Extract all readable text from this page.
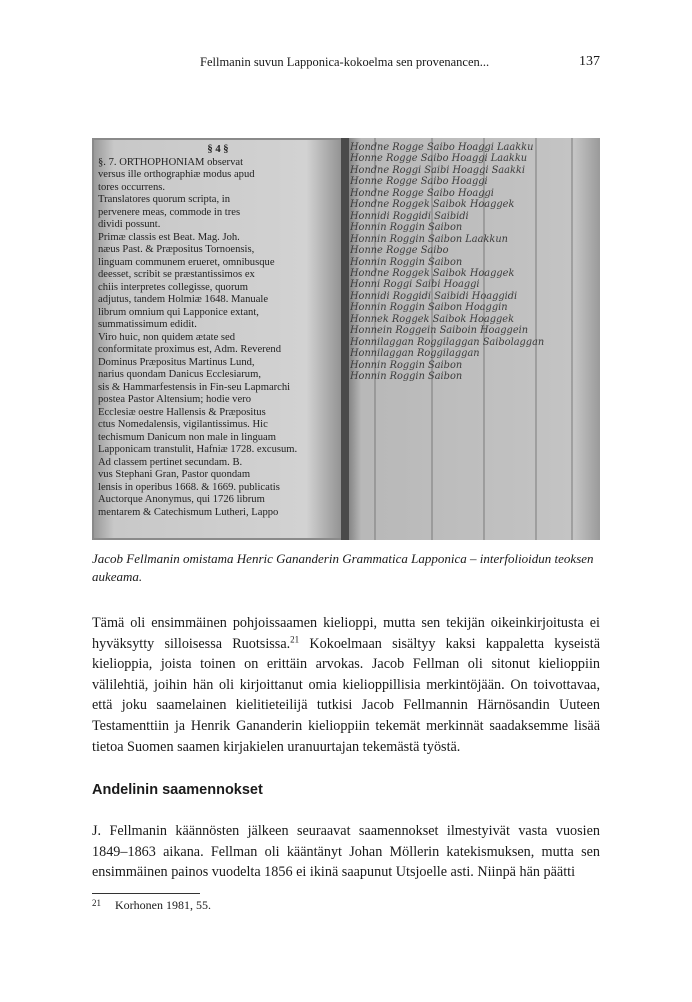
Fellmanin suvun Lapponica-kokoelma sen provenancen...	137
§ 4 §
§. 7. ORTHOPHONIAM observat
versus ille orthographiæ modus apud
tores occurrens.
Translatores quorum scripta, in
pervenere meas, commode in tres
dividi possunt.
Primæ classis est Beat. Mag. Joh.
næus Past. & Præpositus Tornoensis,
linguam communem erueret, omnibusque
deesset, scribit se præstantissimos ex
chiis interpretes collegisse, quorum
adjutus, tandem Holmiæ 1648. Manuale
librum omnium qui Lapponice extant,
summatissimum edidit.
Viro huic, non quidem ætate sed
conformitate proximus est, Adm. Reverend
Dominus Præpositus Martinus Lund,
narius quondam Danicus Ecclesiarum,
sis & Hammarfestensis in Fin-seu Lapmarchi
postea Pastor Altensium; hodie vero
Ecclesiæ oestre Hallensis & Præpositus
ctus Nomedalensis, vigilantissimus. Hic
techismum Danicum non male in linguam
Lapponicam transtulit, Hafniæ 1728. excusum.
Ad classem pertinet secundam. B.
vus Stephani Gran, Pastor quondam
lensis in operibus 1668. & 1669. publicatis
Auctorque Anonymus, qui 1726 librum
mentarem & Catechismum Lutheri, Lappo
Hondne Rogge Saibo Hoaggi Laakku
Honne Rogge Saibo Hoaggi Laakku
Hondne Roggi Saibi Hoaggi Saakki
Honne Rogge Saibo Hoaggi
Hondne Rogge Saibo Hoaggi
Hondne Roggek Saibok Hoaggek
Honnidi Roggidi Saibidi
Honnin Roggin Saibon
Honnin Roggin Saibon Laakkun
Honne Rogge Saibo
Honnin Roggin Saibon
Hondne Roggek Saibok Hoaggek
Honni Roggi Saibi Hoaggi
Honnidi Roggidi Saibidi Hoaggidi
Honnin Roggin Saibon Hoaggin
Honnek Roggek Saibok Hoaggek
Honnein Roggein Saiboin Hoaggein
Honnilaggan Roggilaggan Saibolaggan
Honnilaggan Roggilaggan
Honnin Roggin Saibon
Honnin Roggin Saibon
Jacob Fellmanin omistama Henric Gananderin Grammatica Lapponica – interfolioidun teoksen aukeama.
Tämä oli ensimmäinen pohjoissaamen kielioppi, mutta sen tekijän oikeinkirjoitusta ei hyväksytty silloisessa Ruotsissa.$^{21}$ Kokoelmaan sisältyy kaksi kappaletta kyseistä kielioppia, joista toinen on erittäin arvokas. Jacob Fellman oli sitonut kielioppiin välilehtiä, joihin hän oli kirjoittanut omia kielioppillisia merkintöjään. On toivottavaa, että joku saamelainen kielitieteilijä tutkisi Jacob Fellmannin Härnösandin Uuteen Testamenttiin ja Henrik Gananderin kielioppiin tekemät merkinnät saadaksemme lisää tietoa Suomen saamen kirjakielen uranuurtajan tekemästä työstä.
Andelinin saamennokset
J. Fellmanin käännösten jälkeen seuraavat saamennokset ilmestyivät vasta vuosien 1849–1863 aikana. Fellman oli kääntänyt Johan Möllerin katekismuksen, mutta sen ensimmäinen painos vuodelta 1856 ei ikinä saapunut Utsjoelle asti. Niinpä hän päätti
21 Korhonen 1981, 55.
